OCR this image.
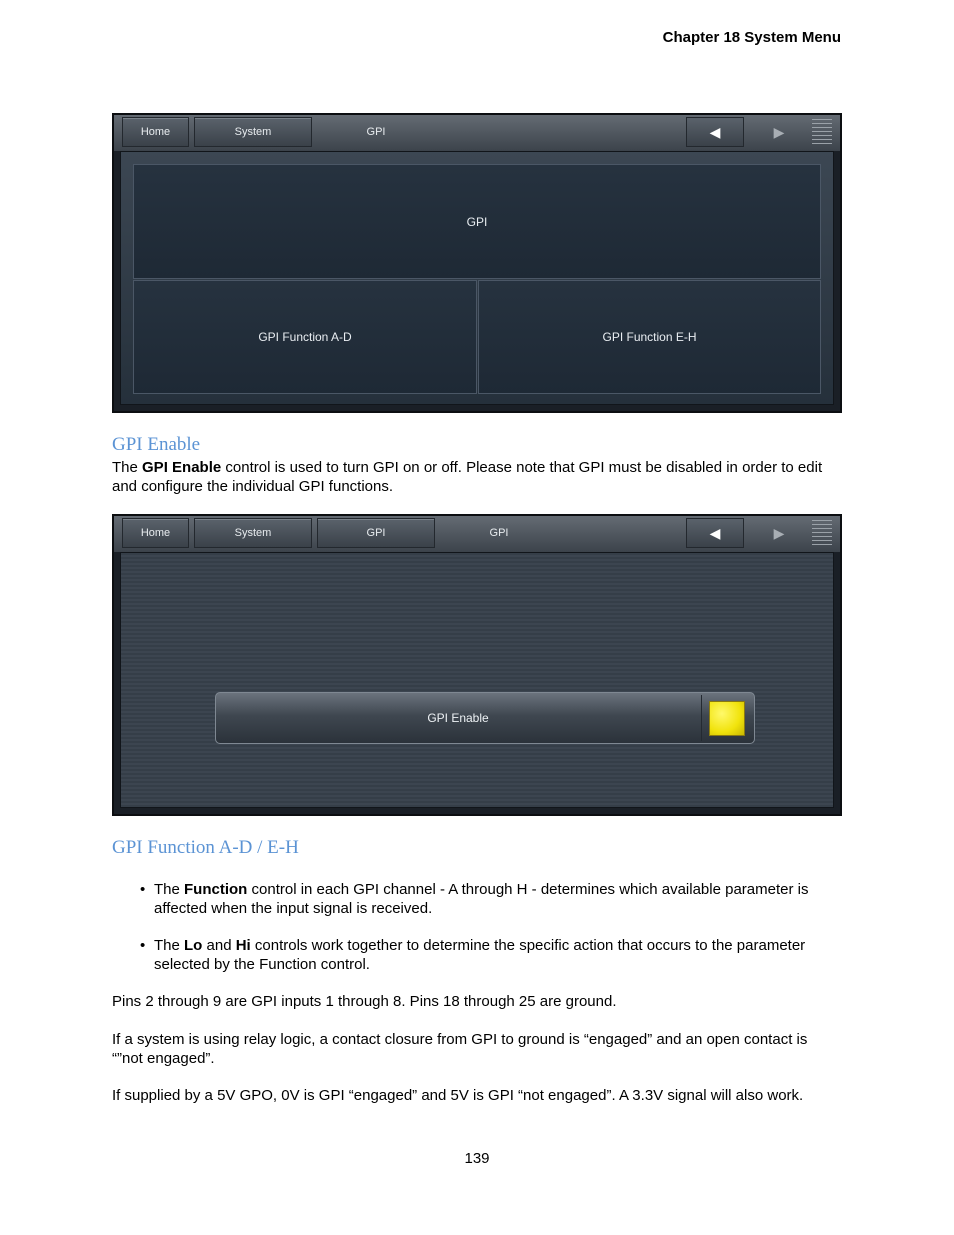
Chapter 18 System Menu
Home	System	GPI	◀	▶
GPI
GPI Function A-D	GPI Function E-H
GPI Enable

The GPI Enable control is used to turn GPI on or off. Please note that GPI must be disabled in order to edit and configure the individual GPI functions.

Home	System	GPI	GPI	◀	▶
GPI Enable
GPI Function A-D / E-H
• The Function control in each GPI channel - A through H - determines which available parameter is affected when the input signal is received.
• The Lo and Hi controls work together to determine the specific action that occurs to the parameter selected by the Function control.

Pins 2 through 9 are GPI inputs 1 through 8. Pins 18 through 25 are ground.

If a system is using relay logic, a contact closure from GPI to ground is “engaged” and an open contact is “”not engaged”.

If supplied by a 5V GPO, 0V is GPI “engaged” and 5V is GPI “not engaged”. A 3.3V signal will also work.

139
